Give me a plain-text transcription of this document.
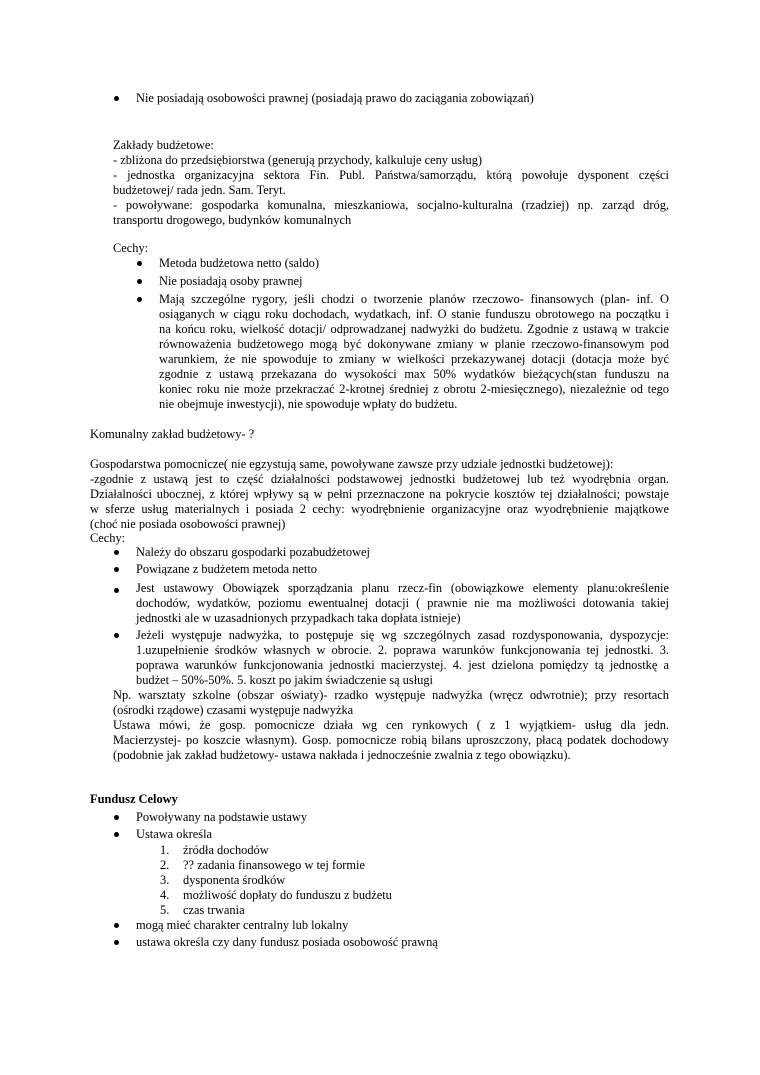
Nie posiadają osobowości prawnej (posiadają prawo do zaciągania zobowiązań)
Zakłady budżetowe:
- zbliżona do przedsiębiorstwa (generują przychody, kalkuluje ceny usług)
- jednostka organizacyjna sektora Fin. Publ. Państwa/samorządu, którą powołuje dysponent części
budżetowej/ rada jedn. Sam. Teryt.
- powoływane: gospodarka komunalna, mieszkaniowa, socjalno-kulturalna (rzadziej) np. zarząd dróg,
transportu drogowego, budynków komunalnych
Cechy:
Metoda budżetowa netto (saldo)
Nie posiadają osoby prawnej
Mają szczególne rygory, jeśli chodzi o tworzenie planów rzeczowo- finansowych (plan- inf. O
osiąganych w ciągu roku dochodach, wydatkach, inf. O stanie funduszu obrotowego na początku i
na końcu roku, wielkość dotacji/ odprowadzanej nadwyżki do budżetu. Zgodnie z ustawą w trakcie
równoważenia budżetowego mogą być dokonywane zmiany w planie rzeczowo-finansowym pod
warunkiem, że nie spowoduje to zmiany w wielkości przekazywanej dotacji (dotacja może być
zgodnie z ustawą przekazana do wysokości max 50% wydatków bieżących(stan funduszu na
koniec roku nie może przekraczać 2-krotnej średniej z obrotu 2-miesięcznego), niezależnie od tego
nie obejmuje inwestycji), nie spowoduje wpłaty do budżetu.
Komunalny zakład budżetowy- ?
Gospodarstwa pomocnicze( nie egzystują same, powoływane zawsze przy udziale jednostki budżetowej):
-zgodnie z ustawą jest to część działalności podstawowej jednostki budżetowej lub też wyodrębnia organ.
Działalności ubocznej, z której wpływy są w pełni przeznaczone na pokrycie kosztów tej działalności; powstaje
w sferze usług materialnych i posiada 2 cechy: wyodrębnienie organizacyjne oraz wyodrębnienie majątkowe
(choć nie posiada osobowości prawnej)
Cechy:
Należy do obszaru gospodarki pozabudżetowej
Powiązane z budżetem metoda netto
Jest ustawowy Obowiązek sporządzania planu rzecz-fin (obowiązkowe elementy planu:określenie
dochodów, wydatków, poziomu ewentualnej dotacji ( prawnie nie ma możliwości dotowania takiej
jednostki ale w uzasadnionych przypadkach taka dopłata istnieje)
Jeżeli występuje nadwyżka, to postępuje się wg szczególnych zasad rozdysponowania, dyspozycje:
1.uzupełnienie środków własnych w obrocie. 2. poprawa warunków funkcjonowania tej jednostki. 3.
poprawa warunków funkcjonowania jednostki macierzystej. 4. jest dzielona pomiędzy tą jednostkę a
budżet – 50%-50%. 5. koszt po jakim świadczenie są usługi
Np. warsztaty szkolne (obszar oświaty)- rzadko występuje nadwyżka (wręcz odwrotnie); przy resortach
(ośrodki rządowe) czasami występuje nadwyżka
Ustawa mówi, że gosp. pomocnicze działa wg cen rynkowych ( z 1 wyjątkiem- usług dla jedn.
Macierzystej- po koszcie własnym). Gosp. pomocnicze robią bilans uproszczony, płacą podatek dochodowy
(podobnie jak zakład budżetowy- ustawa nakłada i jednocześnie zwalnia z tego obowiązku).
Fundusz Celowy
Powoływany na podstawie ustawy
Ustawa określa
1. źródła dochodów
2. ?? zadania finansowego w tej formie
3. dysponenta środków
4. możliwość dopłaty do funduszu z budżetu
5. czas trwania
mogą mieć charakter centralny lub lokalny
ustawa określa czy dany fundusz posiada osobowość prawną
